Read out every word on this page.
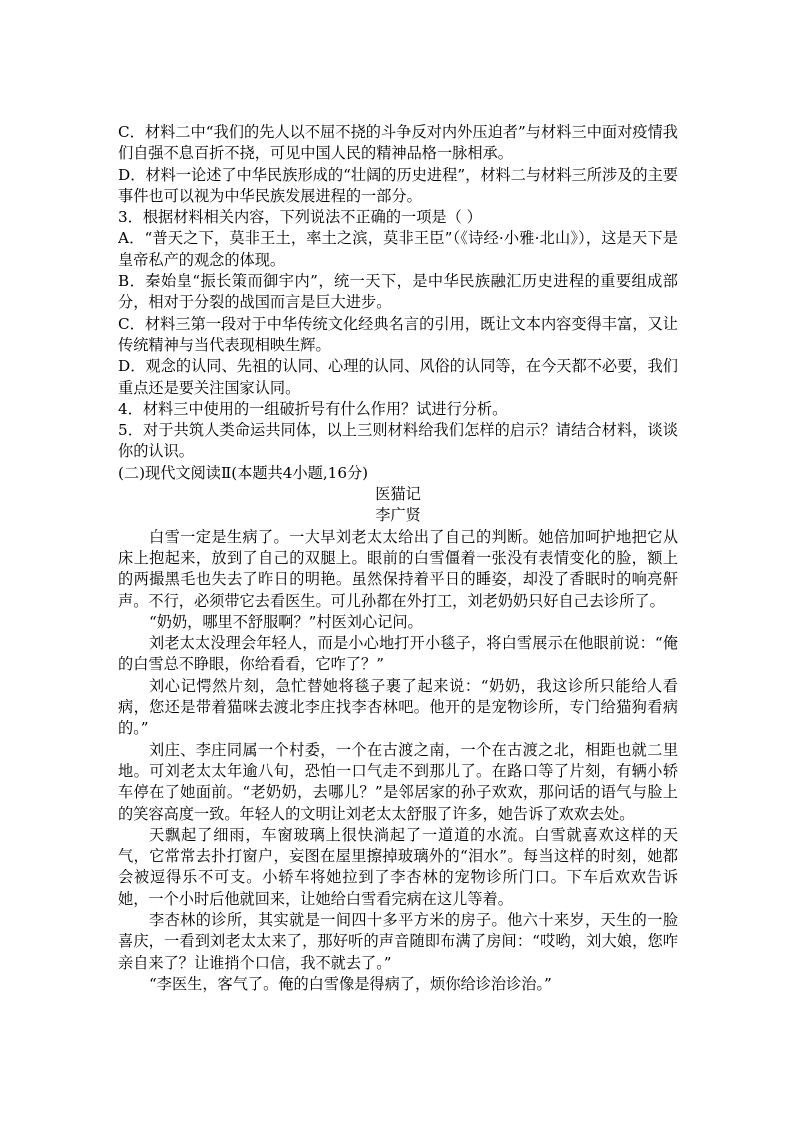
C．材料二中“我们的先人以不屈不挠的斗争反对内外压迫者”与材料三中面对疫情我们自强不息百折不挠，可见中国人民的精神品格一脉相承。

D．材料一论述了中华民族形成的“壮阔的历史进程”，材料二与材料三所涉及的主要事件也可以视为中华民族发展进程的一部分。

3．根据材料相关内容，下列说法不正确的一项是（ ）

A．“普天之下，莫非王土，率土之滨，莫非王臣”（《诗经·小雅·北山》），这是天下是皇帝私产的观念的体现。

B．秦始皇“振长策而御宇内”，统一天下，是中华民族融汇历史进程的重要组成部分，相对于分裂的战国而言是巨大进步。

C．材料三第一段对于中华传统文化经典名言的引用，既让文本内容变得丰富，又让传统精神与当代表现相映生辉。

D．观念的认同、先祖的认同、心理的认同、风俗的认同等，在今天都不必要，我们重点还是要关注国家认同。

4．材料三中使用的一组破折号有什么作用？试进行分析。

5．对于共筑人类命运共同体，以上三则材料给我们怎样的启示？请结合材料，谈谈你的认识。

(二)现代文阅读Ⅱ(本题共4小题,16分)

医猫记

李广贤

白雪一定是生病了。一大早刘老太太给出了自己的判断。她倍加呵护地把它从床上抱起来，放到了自己的双腿上。眼前的白雪僵着一张没有表情变化的脸，额上的两撮黑毛也失去了昨日的明艳。虽然保持着平日的睡姿，却没了香眠时的响亮鼾声。不行，必须带它去看医生。可儿孙都在外打工，刘老奶奶只好自己去诊所了。

“奶奶，哪里不舒服啊？”村医刘心记问。

刘老太太没理会年轻人，而是小心地打开小毯子，将白雪展示在他眼前说：“俺的白雪总不睁眼，你给看看，它咋了？”

刘心记愕然片刻，急忙替她将毯子裹了起来说：“奶奶，我这诊所只能给人看病，您还是带着猫咪去渡北李庄找李杏林吧。他开的是宠物诊所，专门给猫狗看病的。”

刘庄、李庄同属一个村委，一个在古渡之南，一个在古渡之北，相距也就二里地。可刘老太太年逾八旬，恐怕一口气走不到那儿了。在路口等了片刻，有辆小轿车停在了她面前。“老奶奶，去哪儿？”是邻居家的孙子欢欢，那问话的语气与脸上的笑容高度一致。年轻人的文明让刘老太太舒服了许多，她告诉了欢欢去处。

天飘起了细雨，车窗玻璃上很快淌起了一道道的水流。白雪就喜欢这样的天气，它常常去扑打窗户，妄图在屋里擦掉玻璃外的“泪水”。每当这样的时刻，她都会被逗得乐不可支。小轿车将她拉到了李杏林的宠物诊所门口。下车后欢欢告诉她，一个小时后他就回来，让她给白雪看完病在这儿等着。

李杏林的诊所，其实就是一间四十多平方米的房子。他六十来岁，天生的一脸喜庆，一看到刘老太太来了，那好听的声音随即布满了房间：“哎哟，刘大娘，您咋亲自来了？让谁捎个口信，我不就去了。”

“李医生，客气了。俺的白雪像是得病了，烦你给诊治诊治。”
